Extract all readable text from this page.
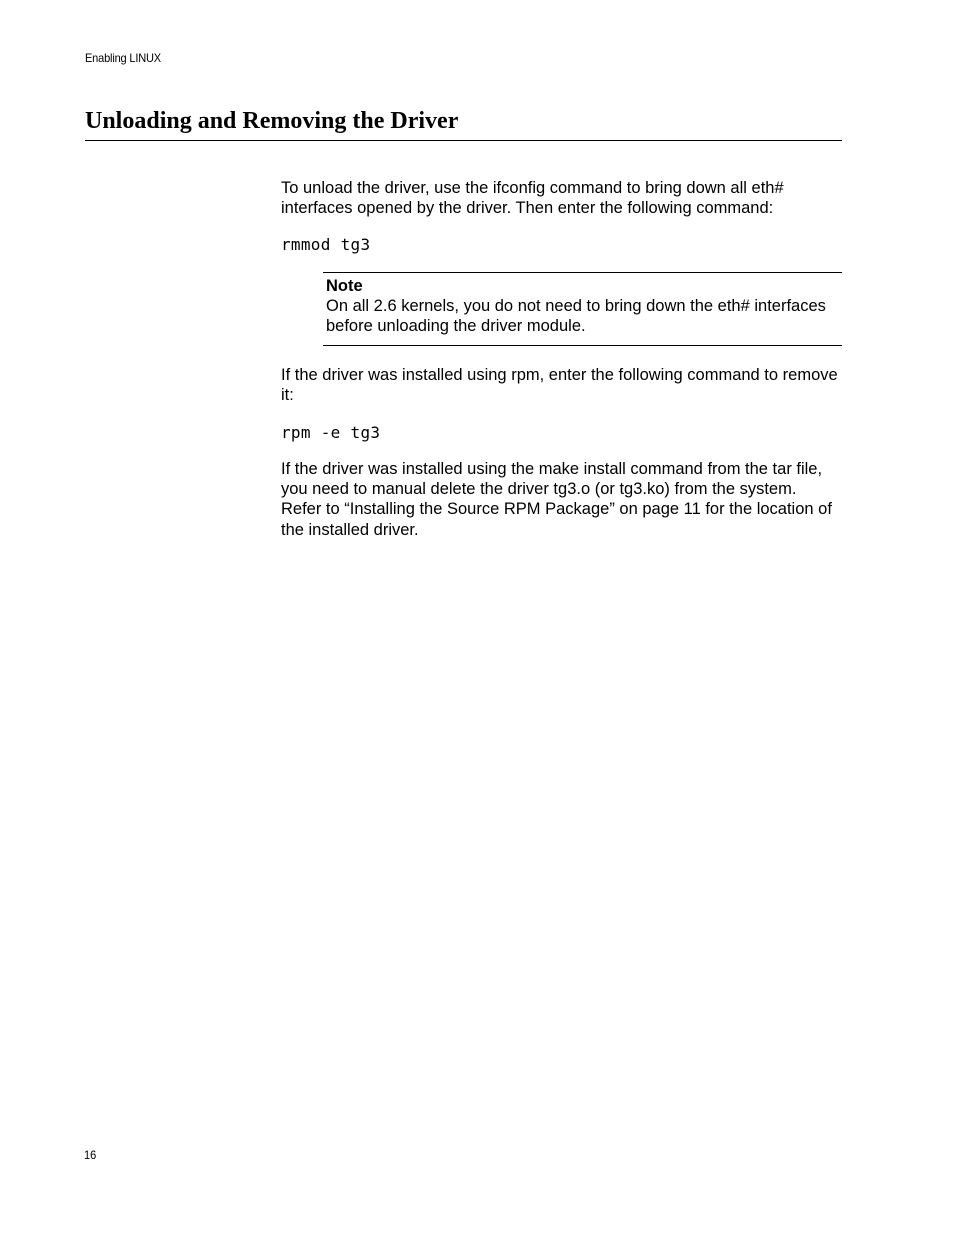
Enabling LINUX
Unloading and Removing the Driver

To unload the driver, use the ifconfig command to bring down all eth# interfaces opened by the driver. Then enter the following command:

rmmod tg3
Note

On all 2.6 kernels, you do not need to bring down the eth# interfaces before unloading the driver module.

If the driver was installed using rpm, enter the following command to remove it:

rpm -e tg3

If the driver was installed using the make install command from the tar file, you need to manual delete the driver tg3.o (or tg3.ko) from the system. Refer to “Installing the Source RPM Package” on page 11 for the location of the installed driver.

16
